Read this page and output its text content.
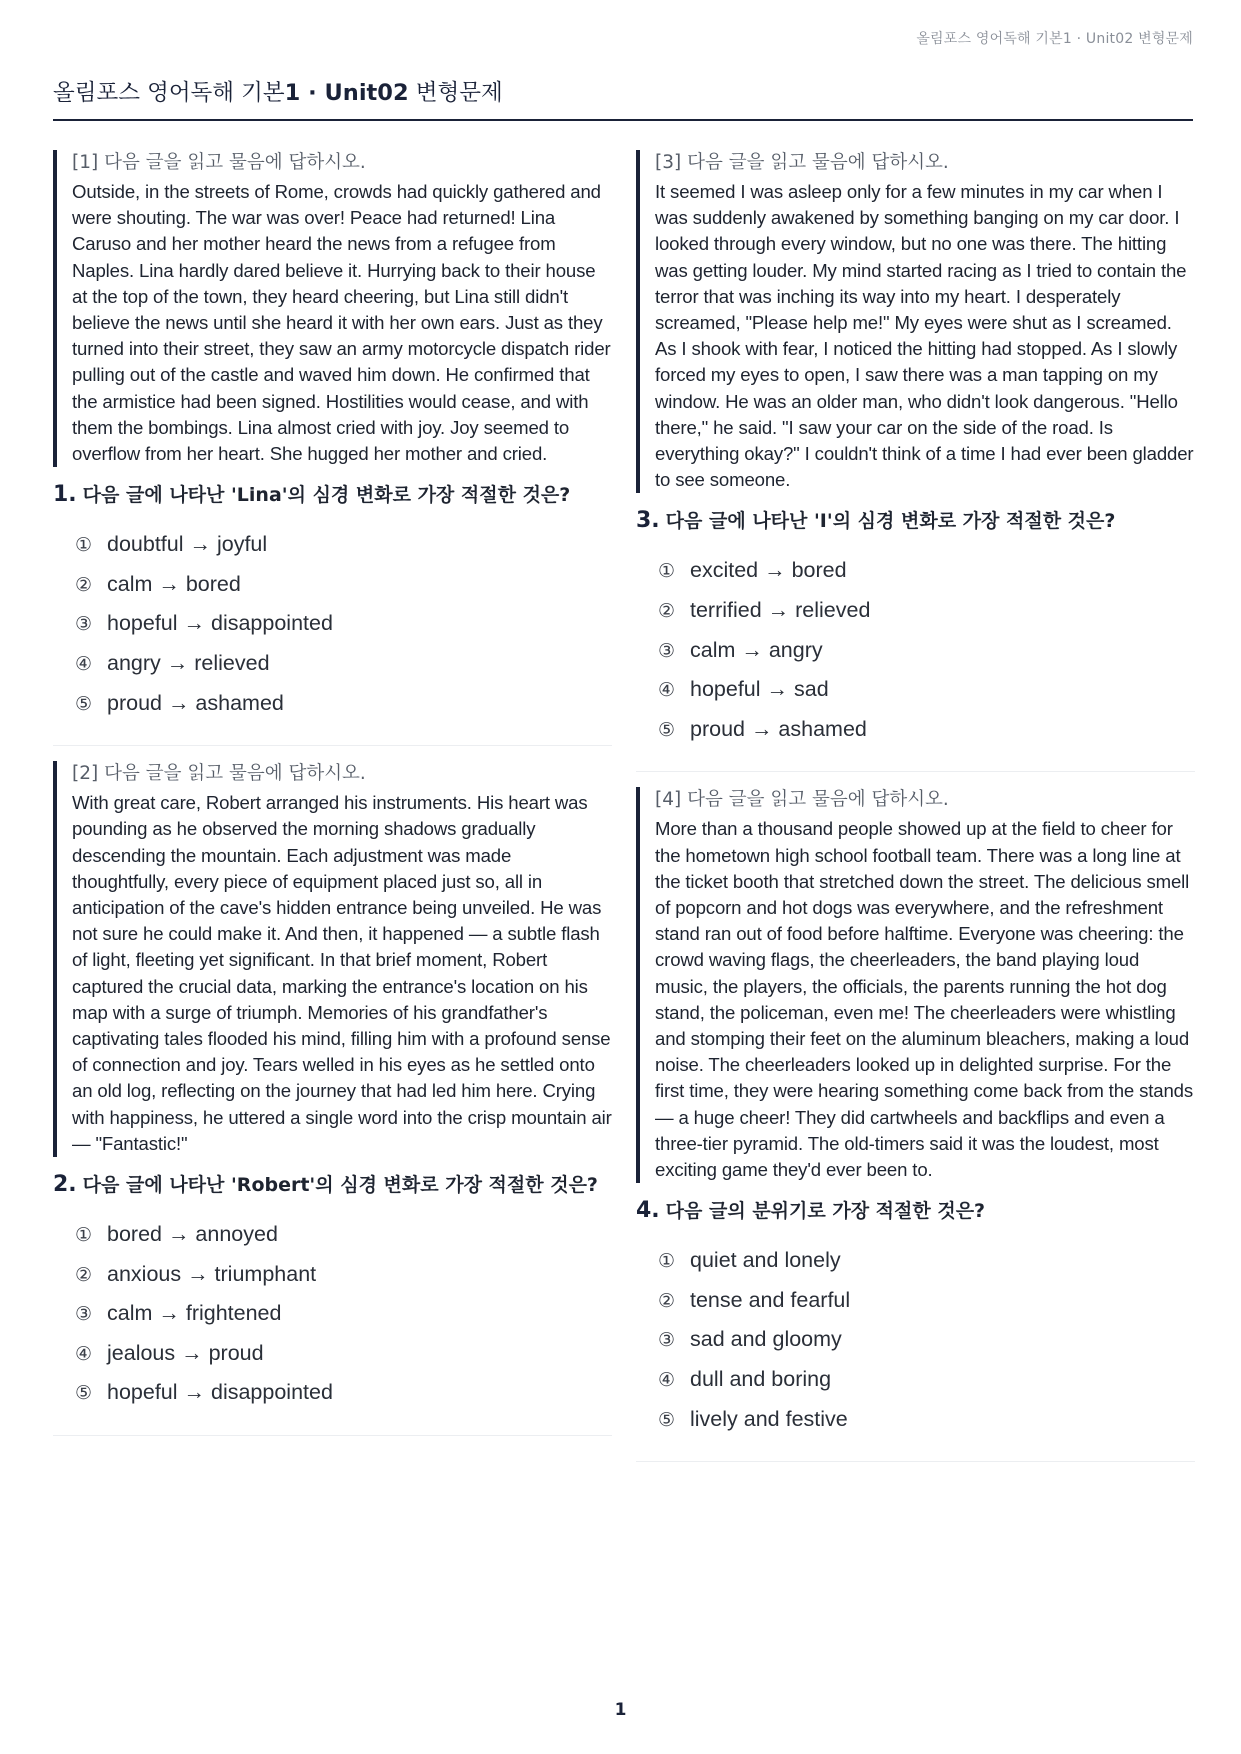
올림포스 영어독해 기본1 · Unit02 변형문제
올림포스 영어독해 기본1 · Unit02 변형문제
[1] 다음 글을 읽고 물음에 답하시오.
Outside, in the streets of Rome, crowds had quickly gathered and were shouting. The war was over! Peace had returned! Lina Caruso and her mother heard the news from a refugee from Naples. Lina hardly dared believe it. Hurrying back to their house at the top of the town, they heard cheering, but Lina still didn't believe the news until she heard it with her own ears. Just as they turned into their street, they saw an army motorcycle dispatch rider pulling out of the castle and waved him down. He confirmed that the armistice had been signed. Hostilities would cease, and with them the bombings. Lina almost cried with joy. Joy seemed to overflow from her heart. She hugged her mother and cried.
1. 다음 글에 나타난 'Lina'의 심경 변화로 가장 적절한 것은?
① doubtful → joyful
② calm → bored
③ hopeful → disappointed
④ angry → relieved
⑤ proud → ashamed
[2] 다음 글을 읽고 물음에 답하시오.
With great care, Robert arranged his instruments. His heart was pounding as he observed the morning shadows gradually descending the mountain. Each adjustment was made thoughtfully, every piece of equipment placed just so, all in anticipation of the cave's hidden entrance being unveiled. He was not sure he could make it. And then, it happened — a subtle flash of light, fleeting yet significant. In that brief moment, Robert captured the crucial data, marking the entrance's location on his map with a surge of triumph. Memories of his grandfather's captivating tales flooded his mind, filling him with a profound sense of connection and joy. Tears welled in his eyes as he settled onto an old log, reflecting on the journey that had led him here. Crying with happiness, he uttered a single word into the crisp mountain air — "Fantastic!"
2. 다음 글에 나타난 'Robert'의 심경 변화로 가장 적절한 것은?
① bored → annoyed
② anxious → triumphant
③ calm → frightened
④ jealous → proud
⑤ hopeful → disappointed
[3] 다음 글을 읽고 물음에 답하시오.
It seemed I was asleep only for a few minutes in my car when I was suddenly awakened by something banging on my car door. I looked through every window, but no one was there. The hitting was getting louder. My mind started racing as I tried to contain the terror that was inching its way into my heart. I desperately screamed, "Please help me!" My eyes were shut as I screamed. As I shook with fear, I noticed the hitting had stopped. As I slowly forced my eyes to open, I saw there was a man tapping on my window. He was an older man, who didn't look dangerous. "Hello there," he said. "I saw your car on the side of the road. Is everything okay?" I couldn't think of a time I had ever been gladder to see someone.
3. 다음 글에 나타난 'I'의 심경 변화로 가장 적절한 것은?
① excited → bored
② terrified → relieved
③ calm → angry
④ hopeful → sad
⑤ proud → ashamed
[4] 다음 글을 읽고 물음에 답하시오.
More than a thousand people showed up at the field to cheer for the hometown high school football team. There was a long line at the ticket booth that stretched down the street. The delicious smell of popcorn and hot dogs was everywhere, and the refreshment stand ran out of food before halftime. Everyone was cheering: the crowd waving flags, the cheerleaders, the band playing loud music, the players, the officials, the parents running the hot dog stand, the policeman, even me! The cheerleaders were whistling and stomping their feet on the aluminum bleachers, making a loud noise. The cheerleaders looked up in delighted surprise. For the first time, they were hearing something come back from the stands — a huge cheer! They did cartwheels and backflips and even a three-tier pyramid. The old-timers said it was the loudest, most exciting game they'd ever been to.
4. 다음 글의 분위기로 가장 적절한 것은?
① quiet and lonely
② tense and fearful
③ sad and gloomy
④ dull and boring
⑤ lively and festive
1
